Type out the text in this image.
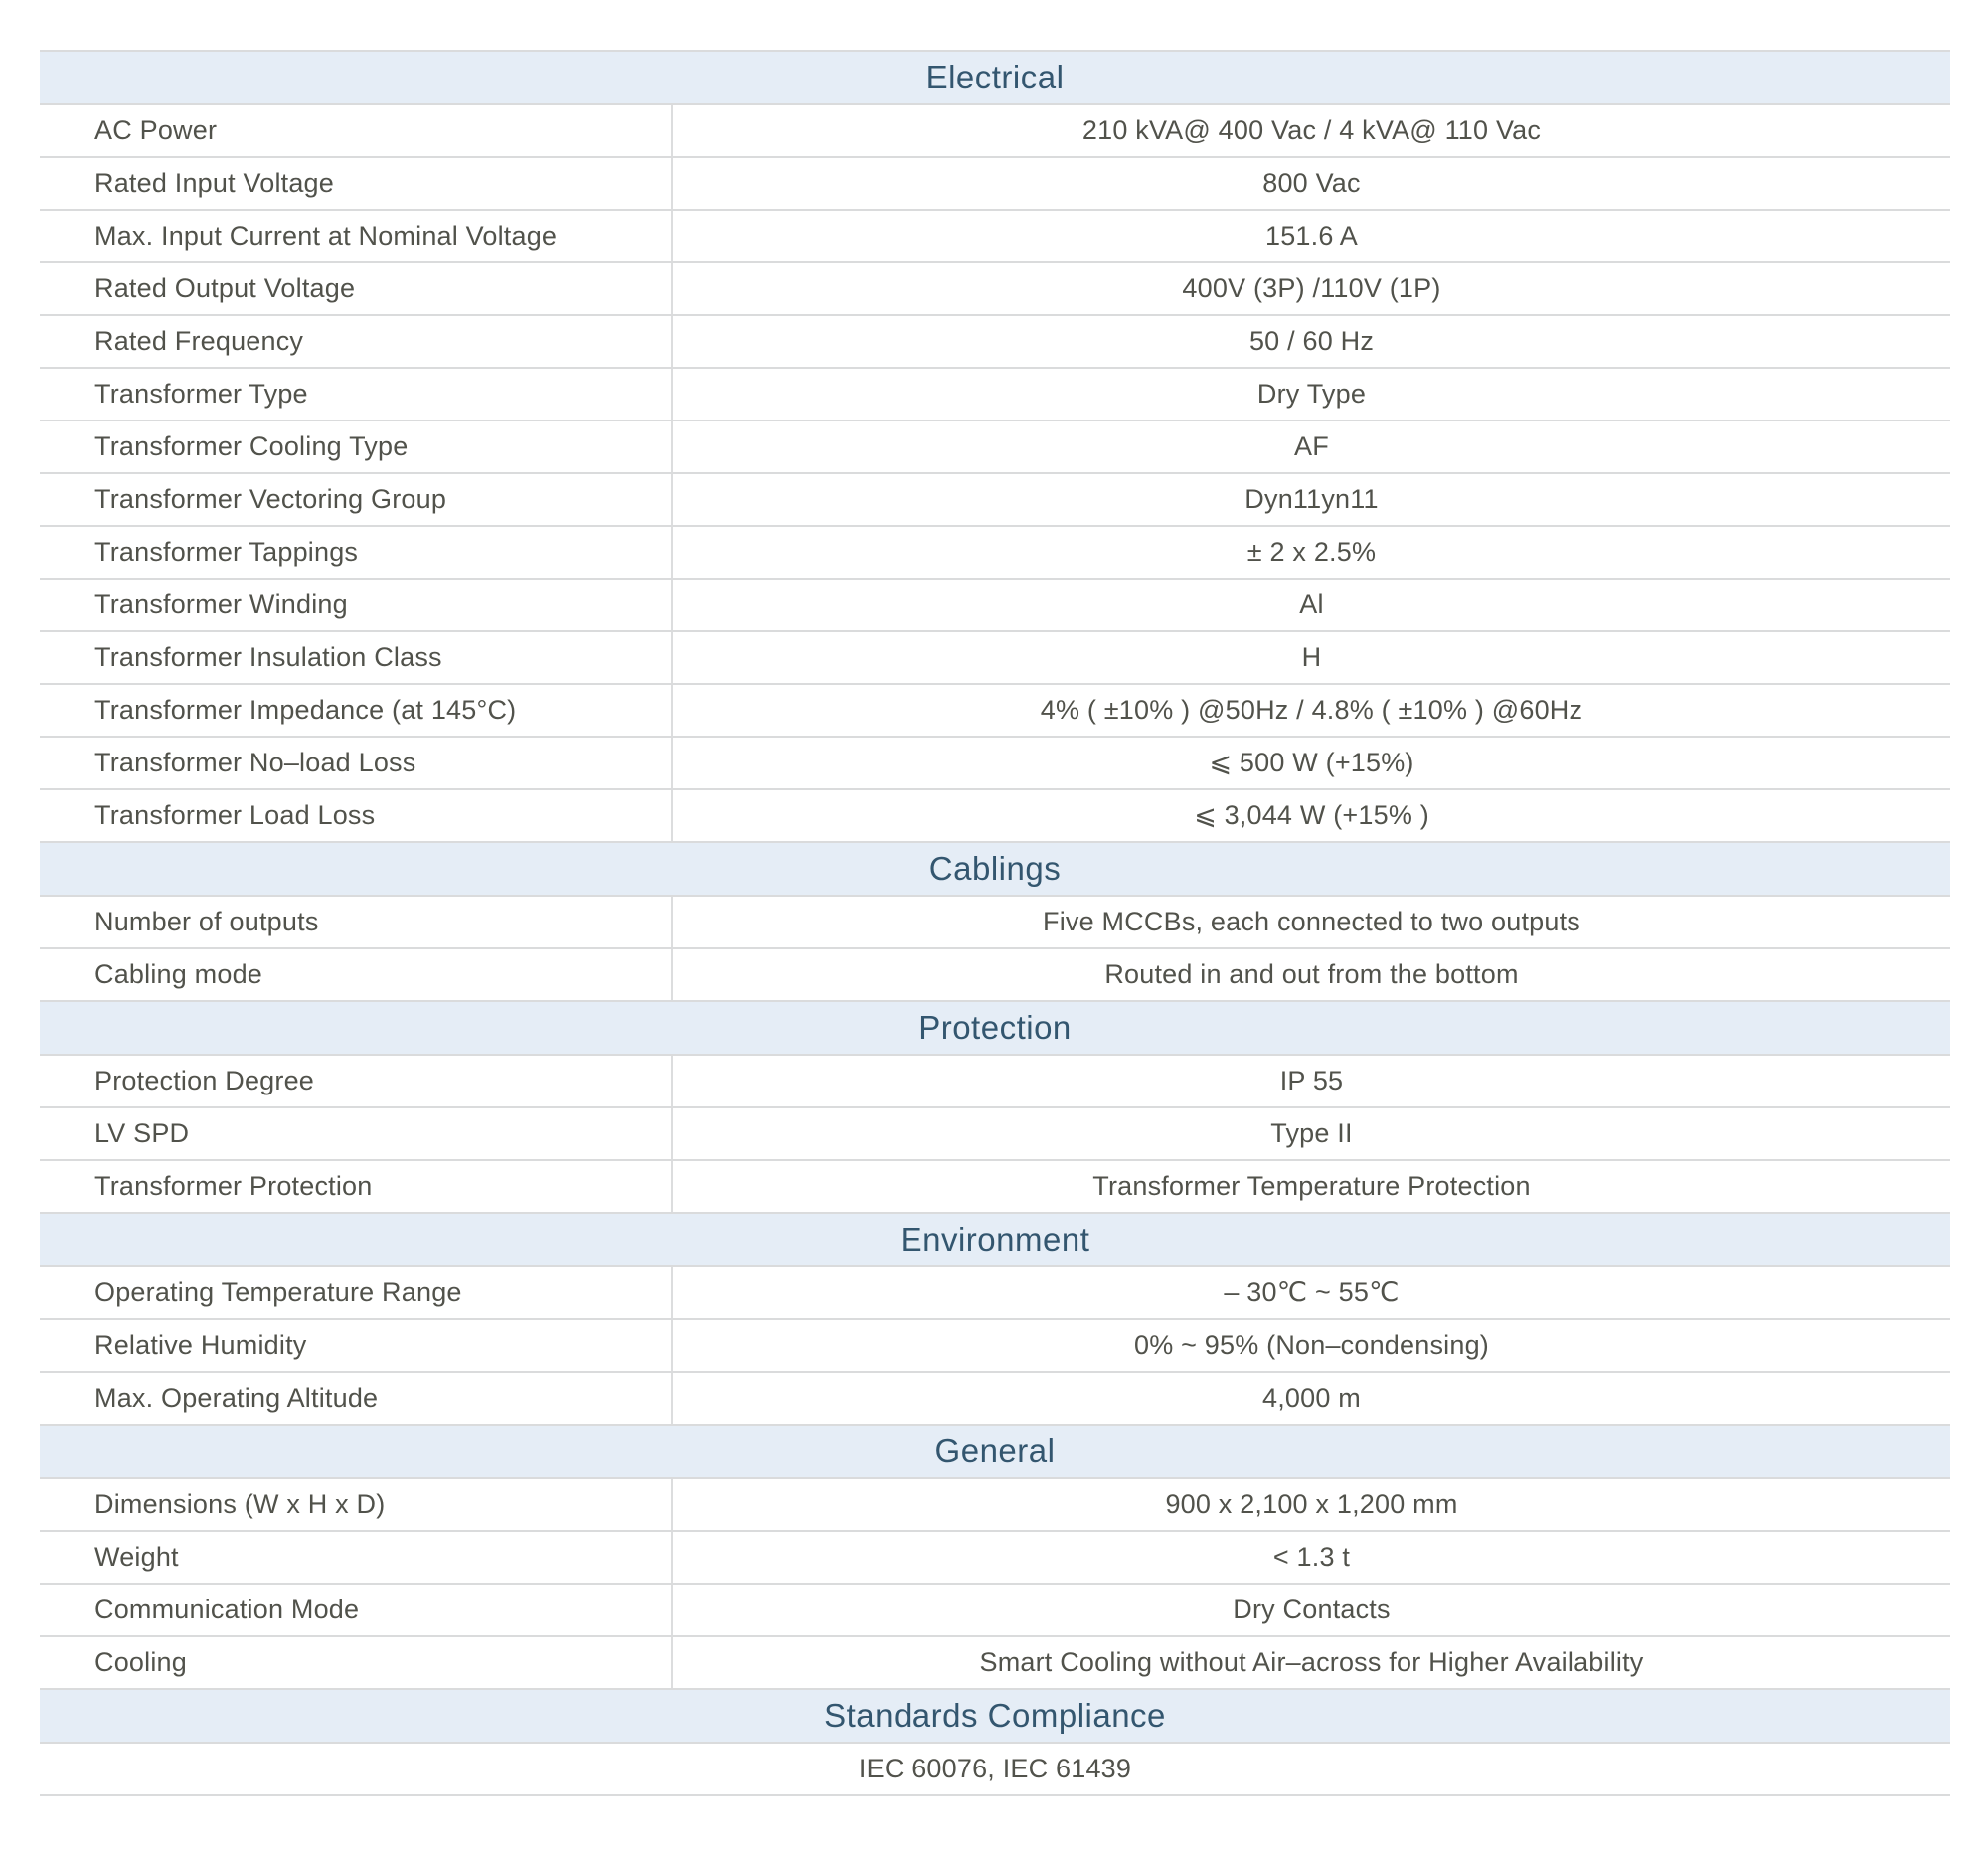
Electrical
AC Power	210 kVA@ 400 Vac / 4 kVA@ 110 Vac
Rated Input Voltage	800 Vac
Max. Input Current at Nominal Voltage	151.6 A
Rated Output Voltage	400V (3P) /110V (1P)
Rated Frequency	50 / 60 Hz
Transformer Type	Dry Type
Transformer Cooling Type	AF
Transformer Vectoring Group	Dyn11yn11
Transformer Tappings	± 2 x 2.5%
Transformer Winding	Al
Transformer Insulation Class	H
Transformer Impedance (at 145°C)	4% ( ±10% ) @50Hz / 4.8% ( ±10% ) @60Hz
Transformer No–load Loss	⩽ 500 W (+15%)
Transformer Load Loss	⩽ 3,044 W (+15% )
Cablings
Number of outputs	Five MCCBs, each connected to two outputs
Cabling mode	Routed in and out from the bottom
Protection
Protection Degree	IP 55
LV SPD	Type II
Transformer Protection	Transformer Temperature Protection
Environment
Operating Temperature Range	– 30℃ ~ 55℃
Relative Humidity	0% ~ 95% (Non–condensing)
Max. Operating Altitude	4,000 m
General
Dimensions (W x H x D)	900 x 2,100 x 1,200 mm
Weight	< 1.3 t
Communication Mode	Dry Contacts
Cooling	Smart Cooling without Air–across for Higher Availability
Standards Compliance
IEC 60076, IEC 61439
